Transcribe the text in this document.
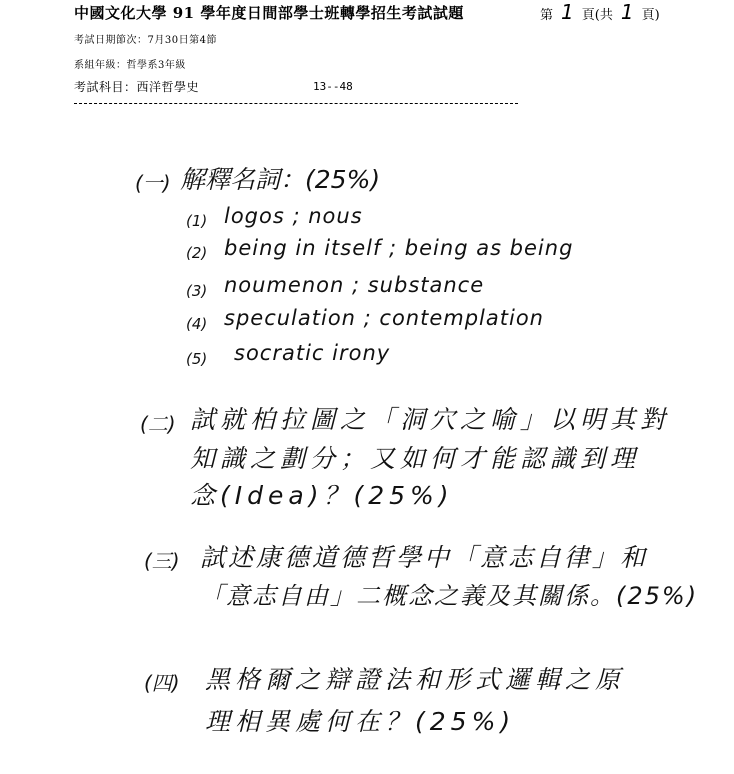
中國文化大學 91 學年度日間部學士班轉學招生考試試題	第 1 頁(共 1 頁)
考試日期節次：7月30日第4節
系組年級：哲學系3年級
考試科目：西洋哲學史	13--48
(一) 解釋名詞：(25%)
(1) logos ; nous
(2) being in itself ; being as being
(3) noumenon ; substance
(4) speculation ; contemplation
(5) socratic irony
(二) 試就柏拉圖之「洞穴之喻」以明其對
知識之劃分；又如何才能認識到理
念(Idea)？(25%)
(三) 試述康德道德哲學中「意志自律」和
「意志自由」二概念之義及其關係。(25%)
(四) 黑格爾之辯證法和形式邏輯之原
理相異處何在？(25%)
